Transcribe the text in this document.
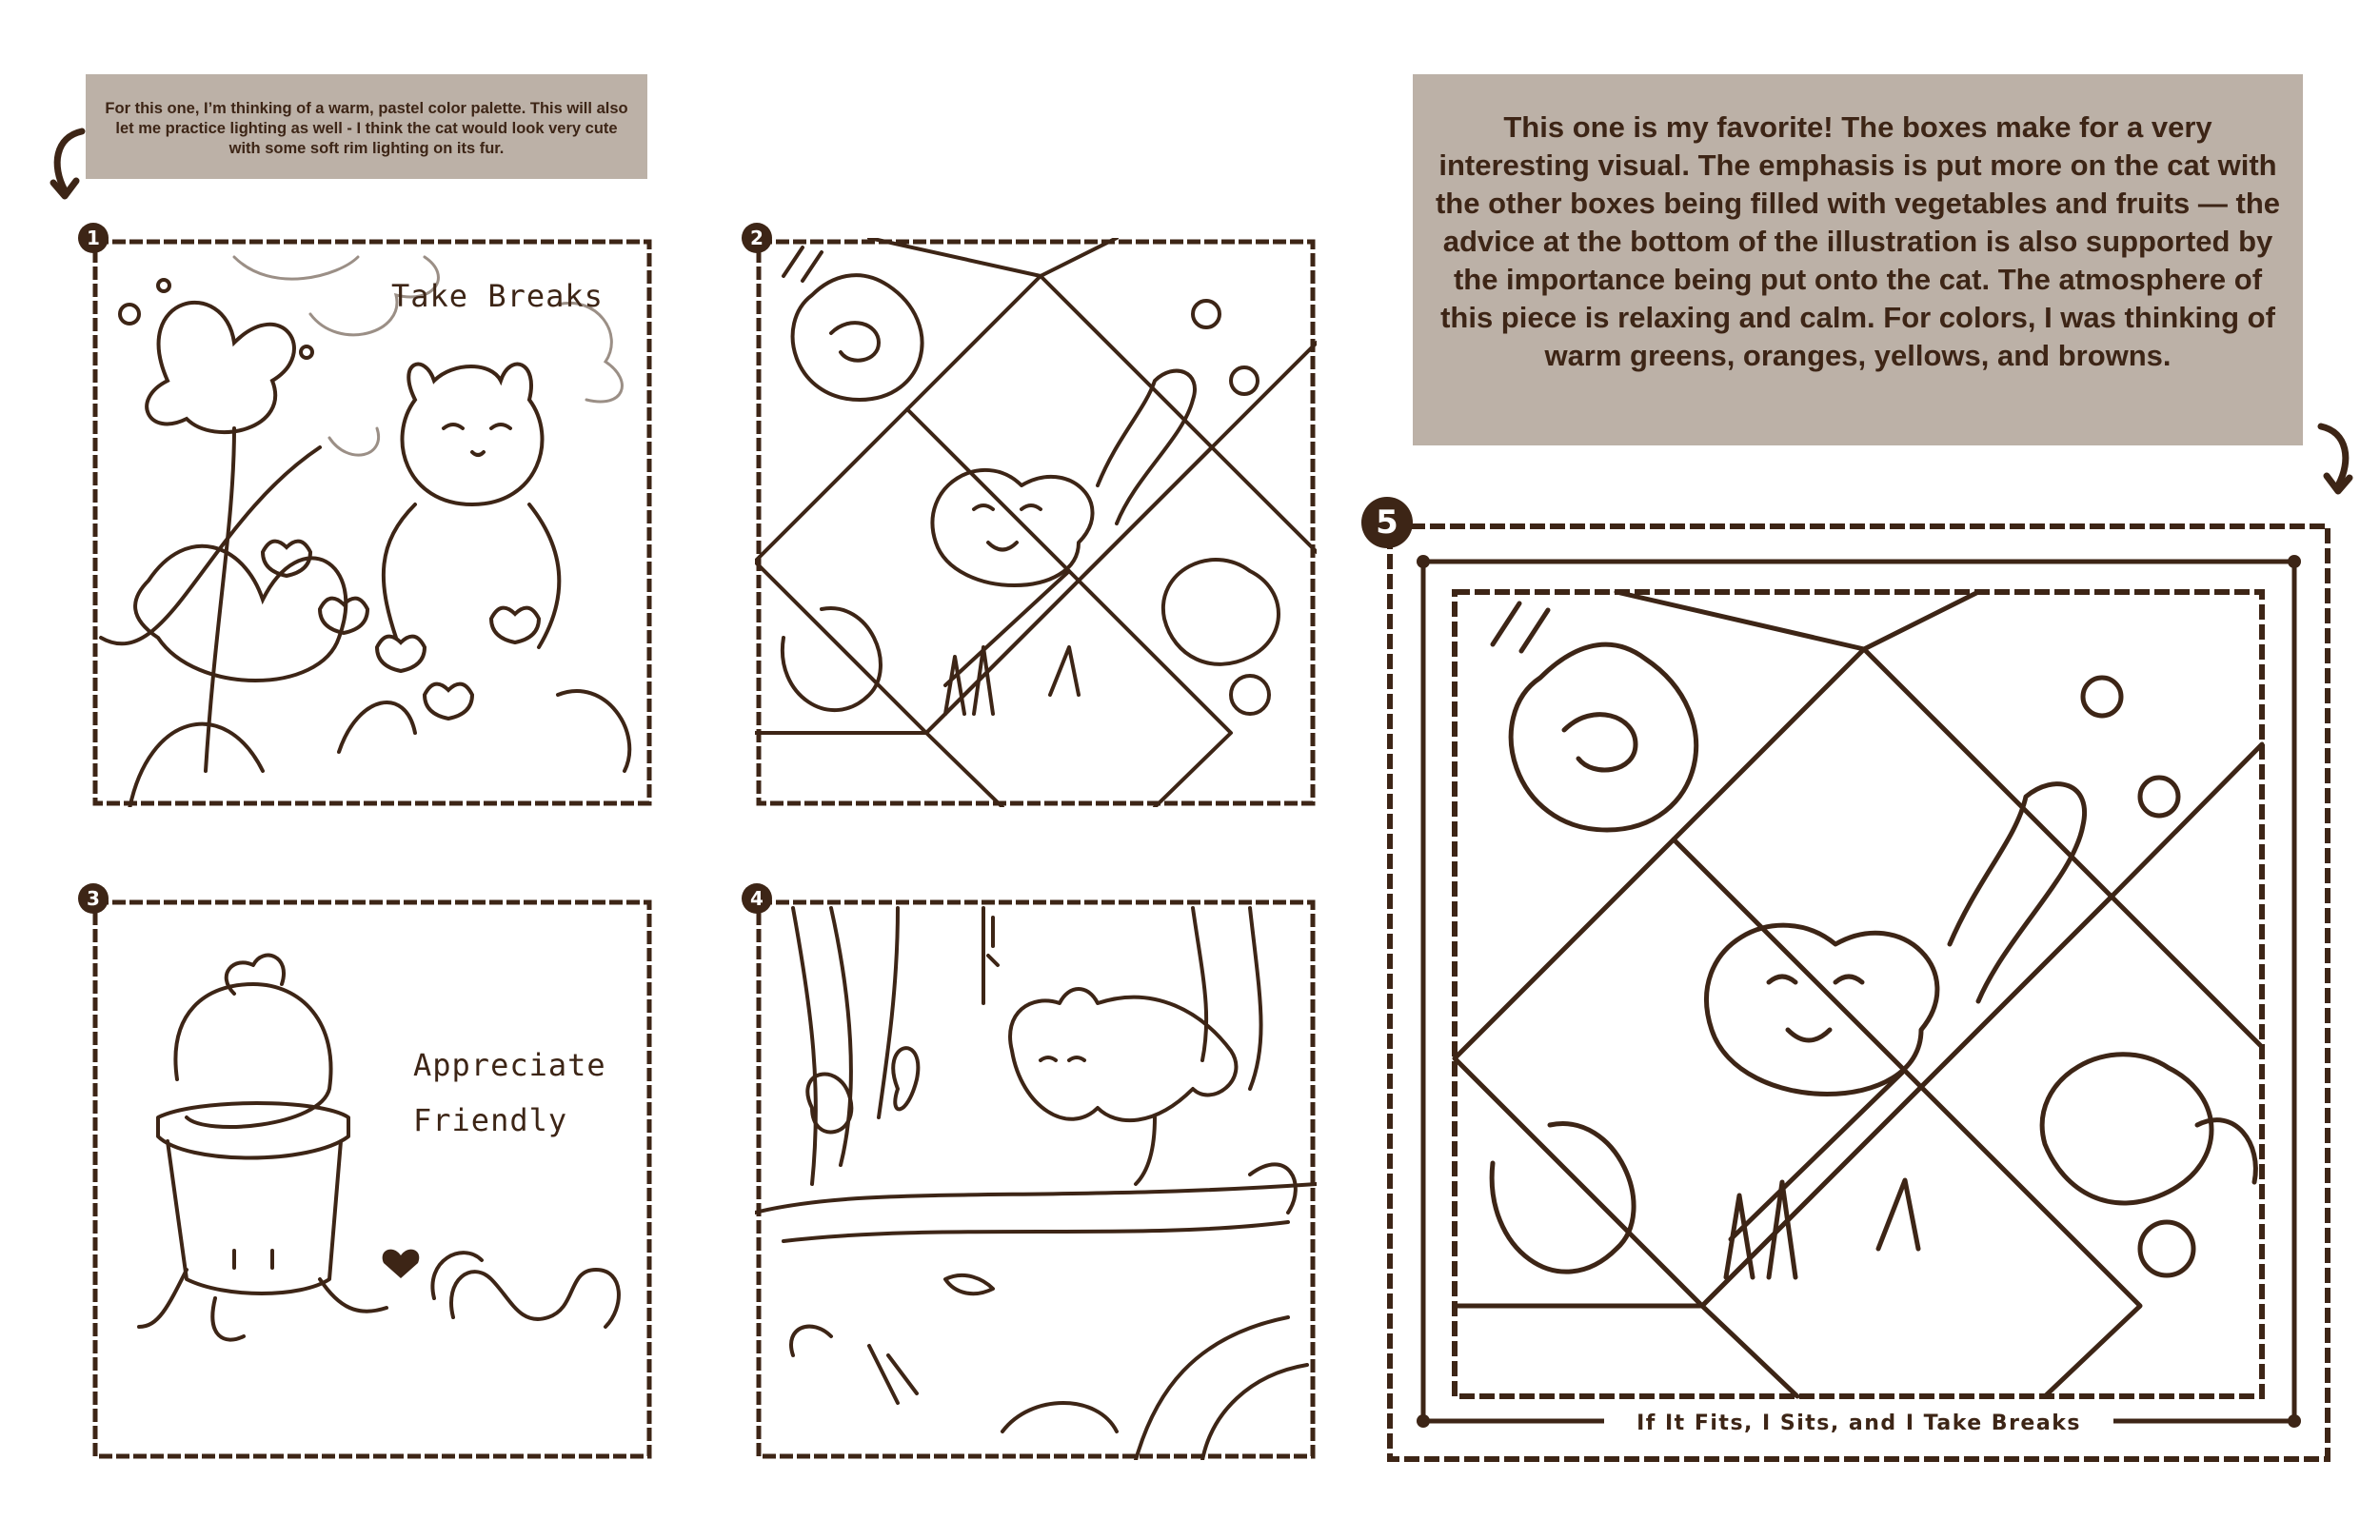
For this one, I’m thinking of a warm, pastel color palette. This will also let me practice lighting as well - I think the cat would look very cute with some soft rim lighting on its fur.
This one is my favorite! The boxes make for a very interesting visual. The emphasis is put more on the cat with the other boxes being filled with vegetables and fruits — the advice at the bottom of the illustration is also supported by the importance being put onto the cat. The atmosphere of this piece is relaxing and calm. For colors, I was thinking of warm greens, oranges, yellows, and browns.
Take Breaks
1	2
Appreciate Friendly
3	4
If It Fits, I Sits, and I Take Breaks
5
